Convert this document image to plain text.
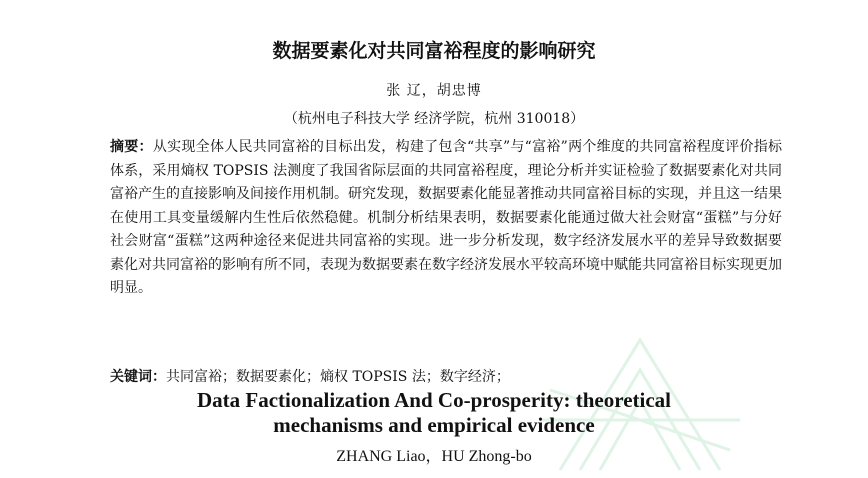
数据要素化对共同富裕程度的影响研究
张 辽，胡忠博
（杭州电子科技大学 经济学院，杭州 310018）
摘要：从实现全体人民共同富裕的目标出发，构建了包含“共享”与“富裕”两个维度的共同富裕程度评价指标体系，采用熵权 TOPSIS 法测度了我国省际层面的共同富裕程度，理论分析并实证检验了数据要素化对共同富裕产生的直接影响及间接作用机制。研究发现，数据要素化能显著推动共同富裕目标的实现，并且这一结果在使用工具变量缓解内生性后依然稳健。机制分析结果表明，数据要素化能通过做大社会财富“蛋糕”与分好社会财富“蛋糕”这两种途径来促进共同富裕的实现。进一步分析发现，数字经济发展水平的差异导致数据要素化对共同富裕的影响有所不同，表现为数据要素在数字经济发展水平较高环境中赋能共同富裕目标实现更加明显。
关键词：共同富裕；数据要素化；熵权 TOPSIS 法；数字经济；
Data Factionalization And Co-prosperity: theoretical
mechanisms and empirical evidence
ZHANG Liao，HU Zhong-bo
